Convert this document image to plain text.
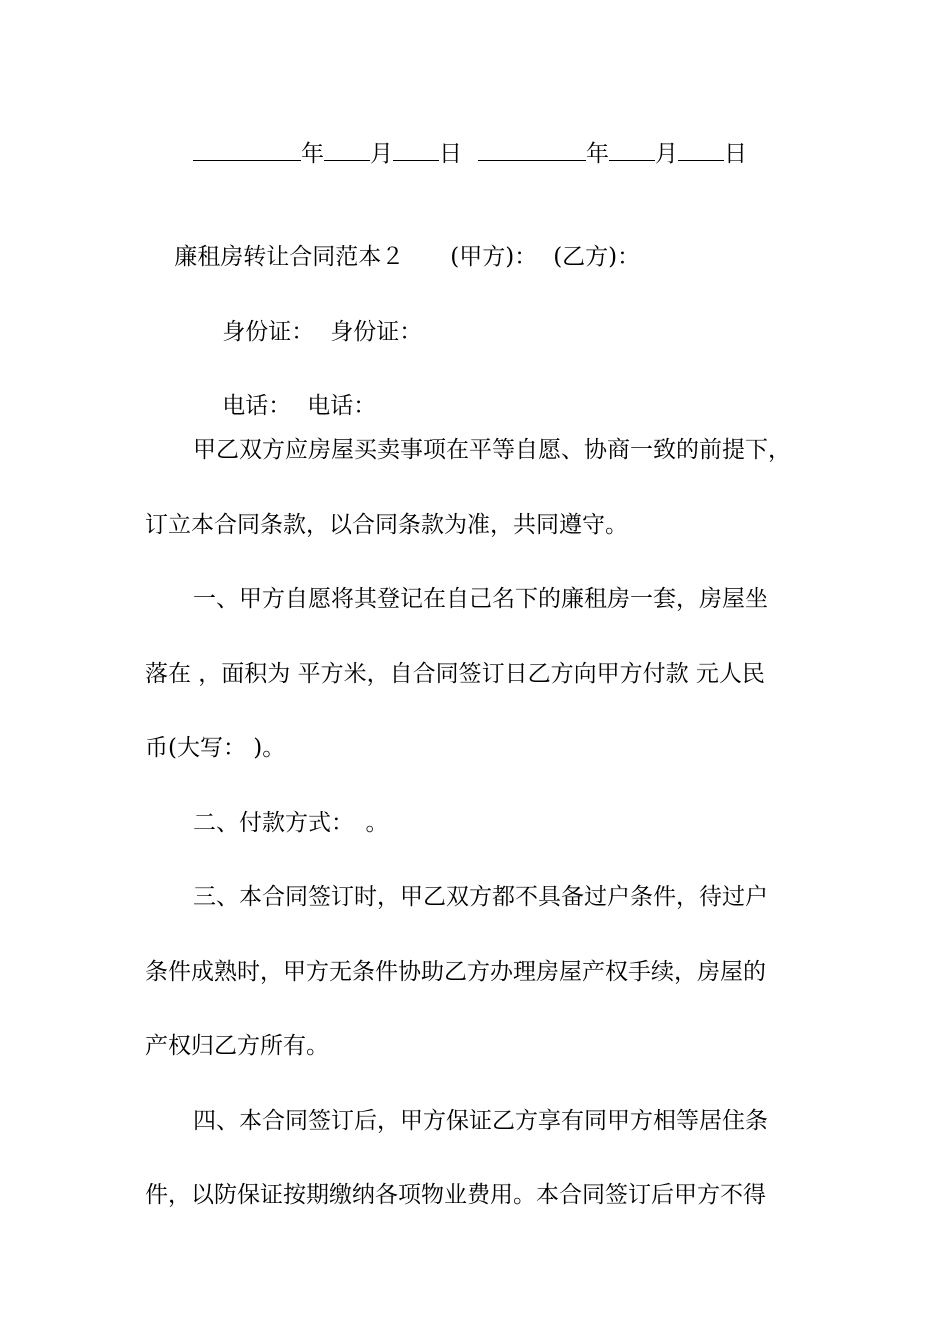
年 月 日	年 月 日

廉租房转让合同范本２ (甲方)： (乙方)：

身份证： 身份证：

电话： 电话：

甲乙双方应房屋买卖事项在平等自愿、协商一致的前提下，
订立本合同条款，以合同条款为准，共同遵守。
一、甲方自愿将其登记在自己名下的廉租房一套，房屋坐
落在 ，面积为 平方米，自合同签订日乙方向甲方付款 元人民
币(大写： )。
二、付款方式：　。
三、本合同签订时，甲乙双方都不具备过户条件，待过户
条件成熟时，甲方无条件协助乙方办理房屋产权手续，房屋的
产权归乙方所有。
四、本合同签订后，甲方保证乙方享有同甲方相等居住条
件，以防保证按期缴纳各项物业费用。本合同签订后甲方不得
